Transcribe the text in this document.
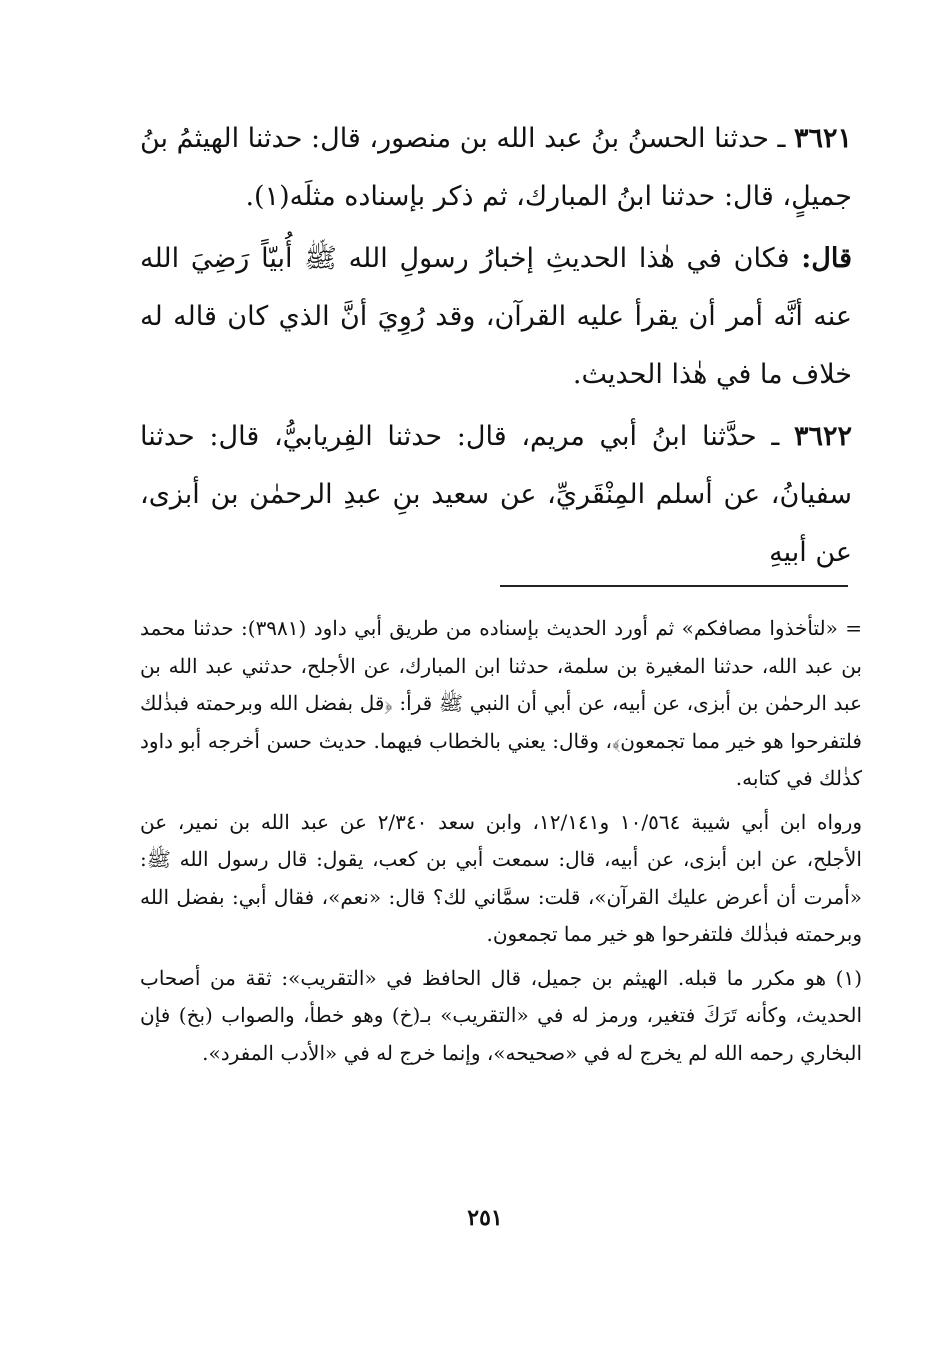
٣٦٢١ ـ حدثنا الحسنُ بنُ عبد الله بن منصور، قال: حدثنا الهيثمُ بنُ جميلٍ، قال: حدثنا ابنُ المبارك، ثم ذكر بإسناده مثلَه(١).

قال: فكان في هٰذا الحديثِ إخبارُ رسولِ الله ﷺ أُبيّاً رَضِيَ الله عنه أنَّه أمر أن يقرأ عليه القرآن، وقد رُوِيَ أنَّ الذي كان قاله له خلاف ما في هٰذا الحديث.

٣٦٢٢ ـ حدَّثنا ابنُ أبي مريم، قال: حدثنا الفِريابيُّ، قال: حدثنا سفيانُ، عن أسلم المِنْقَريِّ، عن سعيد بنِ عبدِ الرحمٰن بن أبزى، عن أبيهِ

= «لتأخذوا مصافكم» ثم أورد الحديث بإسناده من طريق أبي داود (٣٩٨١): حدثنا محمد بن عبد الله، حدثنا المغيرة بن سلمة، حدثنا ابن المبارك، عن الأجلح، حدثني عبد الله بن عبد الرحمٰن بن أبزى، عن أبيه، عن أبي أن النبي ﷺ قرأ: ﴿قل بفضل الله وبرحمته فبذٰلك فلتفرحوا هو خير مما تجمعون﴾، وقال: يعني بالخطاب فيهما. حديث حسن أخرجه أبو داود كذٰلك في كتابه.

ورواه ابن أبي شيبة ١٠/٥٦٤ و١٢/١٤١، وابن سعد ٢/٣٤٠ عن عبد الله بن نمير، عن الأجلح، عن ابن أبزى، عن أبيه، قال: سمعت أبي بن كعب، يقول: قال رسول الله ﷺ: «أمرت أن أعرض عليك القرآن»، قلت: سمَّاني لك؟ قال: «نعم»، فقال أبي: بفضل الله وبرحمته فبذٰلك فلتفرحوا هو خير مما تجمعون.

(١) هو مكرر ما قبله. الهيثم بن جميل، قال الحافظ في «التقريب»: ثقة من أصحاب الحديث، وكأنه تَرَكَ فتغير، ورمز له في «التقريب» بـ(خ) وهو خطأ، والصواب (بخ) فإن البخاري رحمه الله لم يخرج له في «صحيحه»، وإنما خرج له في «الأدب المفرد».

٢٥١
